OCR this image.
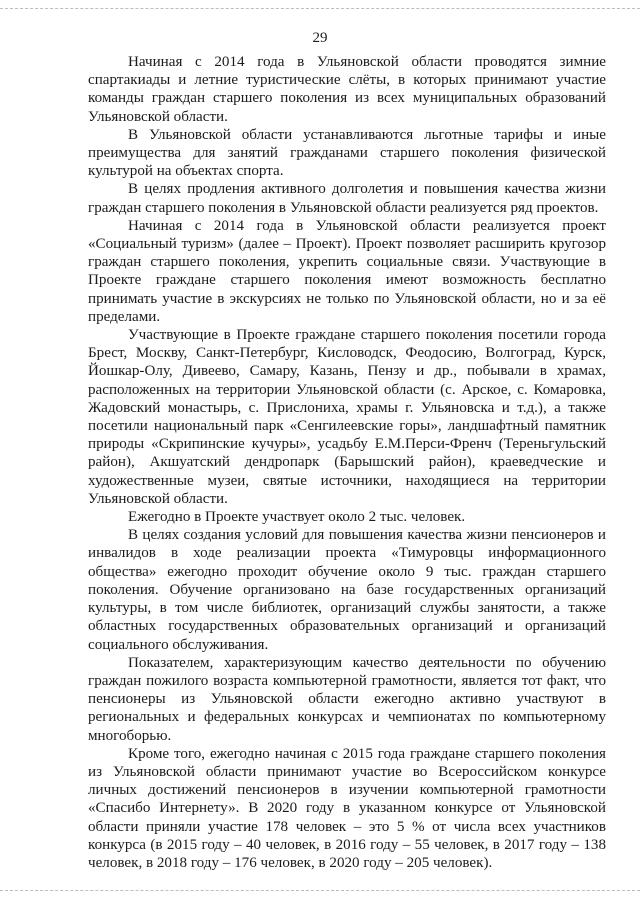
29

Начиная с 2014 года в Ульяновской области проводятся зимние спартакиады и летние туристические слёты, в которых принимают участие команды граждан старшего поколения из всех муниципальных образований Ульяновской области.

В Ульяновской области устанавливаются льготные тарифы и иные преимущества для занятий гражданами старшего поколения физической культурой на объектах спорта.

В целях продления активного долголетия и повышения качества жизни граждан старшего поколения в Ульяновской области реализуется ряд проектов.

Начиная с 2014 года в Ульяновской области реализуется проект «Социальный туризм» (далее – Проект). Проект позволяет расширить кругозор граждан старшего поколения, укрепить социальные связи. Участвующие в Проекте граждане старшего поколения имеют возможность бесплатно принимать участие в экскурсиях не только по Ульяновской области, но и за её пределами.

Участвующие в Проекте граждане старшего поколения посетили города Брест, Москву, Санкт-Петербург, Кисловодск, Феодосию, Волгоград, Курск, Йошкар-Олу, Дивеево, Самару, Казань, Пензу и др., побывали в храмах, расположенных на территории Ульяновской области (с. Арское, с. Комаровка, Жадовский монастырь, с. Прислониха, храмы г. Ульяновска и т.д.), а также посетили национальный парк «Сенгилеевские горы», ландшафтный памятник природы «Скрипинские кучуры», усадьбу Е.М.Перси-Френч (Тереньгульский район), Акшуатский дендропарк (Барышский район), краеведческие и художественные музеи, святые источники, находящиеся на территории Ульяновской области.

Ежегодно в Проекте участвует около 2 тыс. человек.

В целях создания условий для повышения качества жизни пенсионеров и инвалидов в ходе реализации проекта «Тимуровцы информационного общества» ежегодно проходит обучение около 9 тыс. граждан старшего поколения. Обучение организовано на базе государственных организаций культуры, в том числе библиотек, организаций службы занятости, а также областных государственных образовательных организаций и организаций социального обслуживания.

Показателем, характеризующим качество деятельности по обучению граждан пожилого возраста компьютерной грамотности, является тот факт, что пенсионеры из Ульяновской области ежегодно активно участвуют в региональных и федеральных конкурсах и чемпионатах по компьютерному многоборью.

Кроме того, ежегодно начиная с 2015 года граждане старшего поколения из Ульяновской области принимают участие во Всероссийском конкурсе личных достижений пенсионеров в изучении компьютерной грамотности «Спасибо Интернету». В 2020 году в указанном конкурсе от Ульяновской области приняли участие 178 человек – это 5 % от числа всех участников конкурса (в 2015 году – 40 человек, в 2016 году – 55 человек, в 2017 году – 138 человек, в 2018 году – 176 человек, в 2020 году – 205 человек).
